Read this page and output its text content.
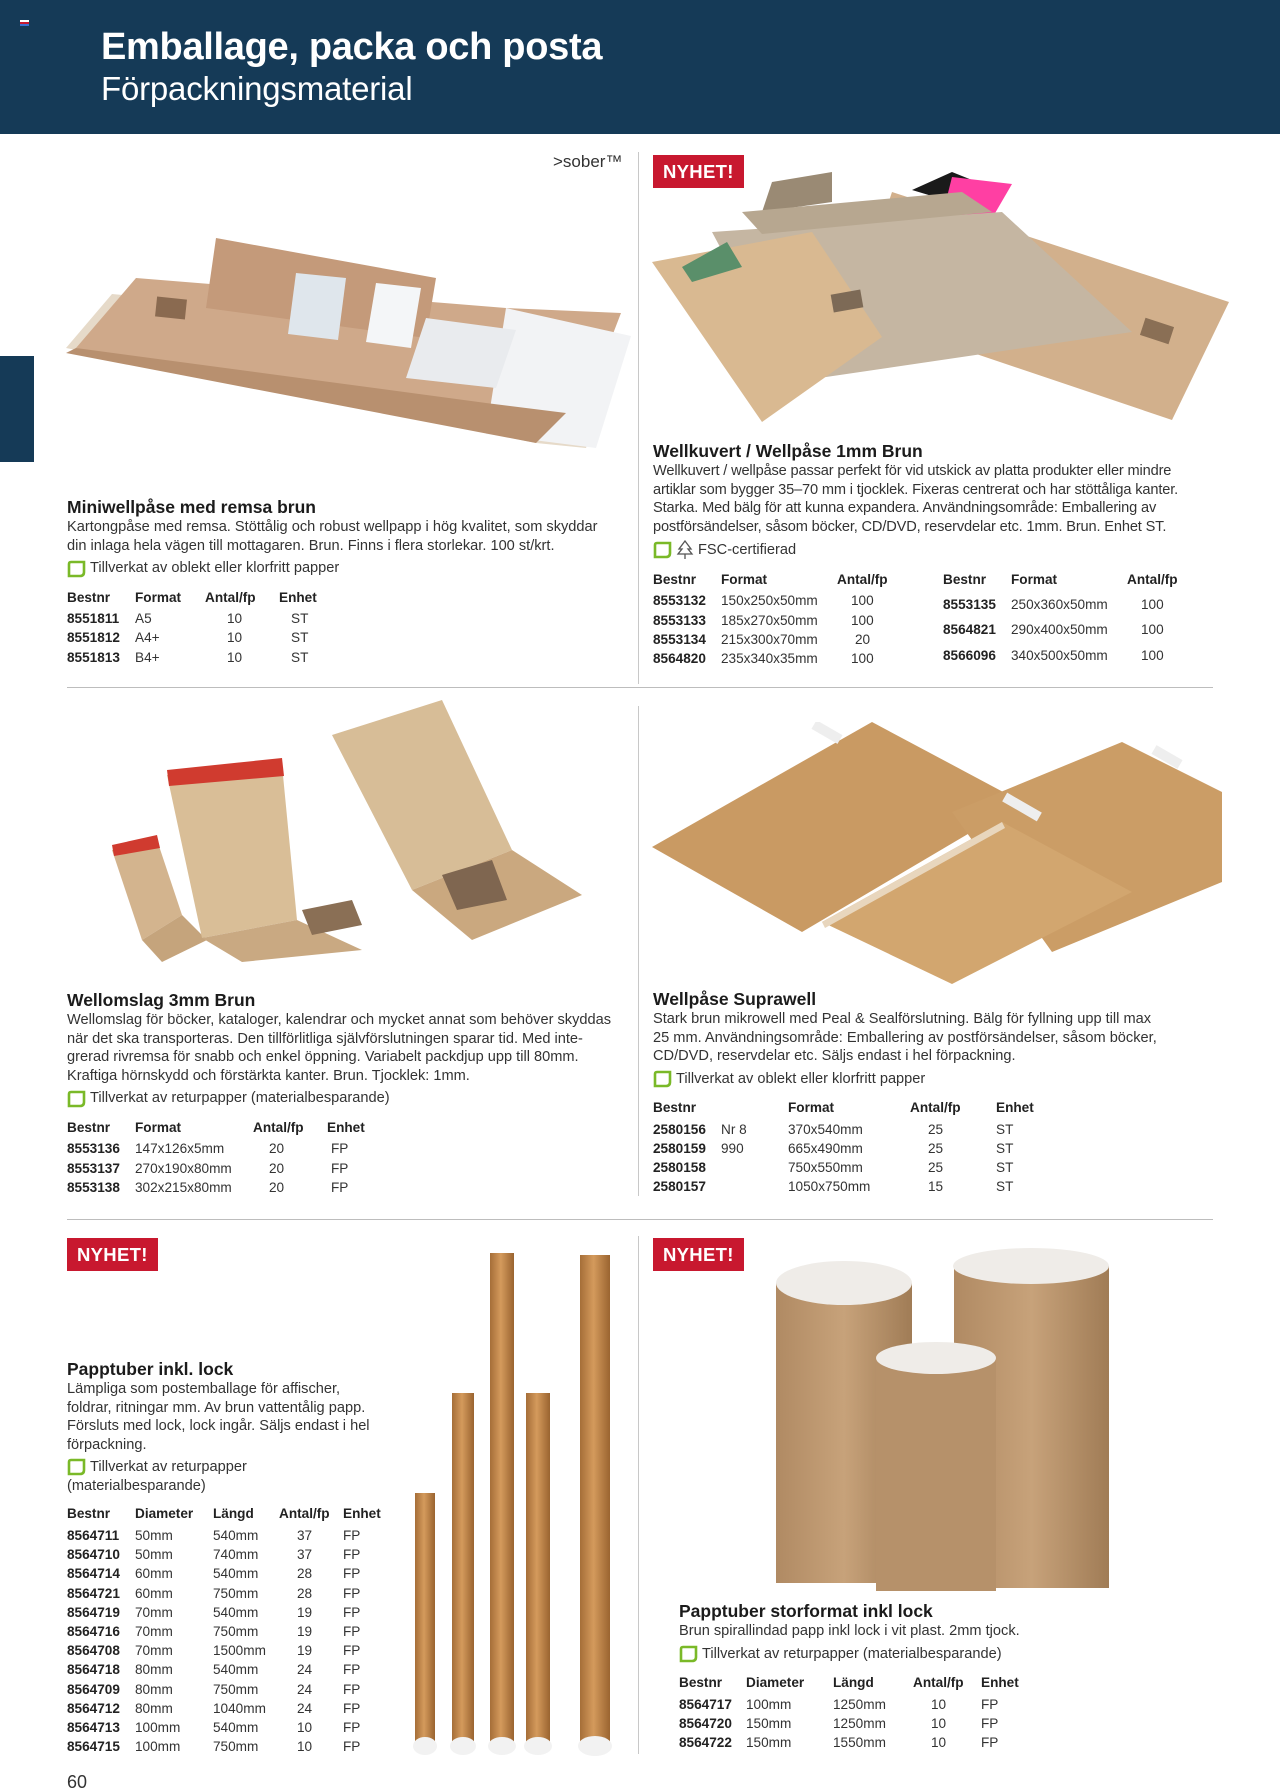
Emballage, packa och posta
Förpackningsmaterial
>sober™	NYHET!
NYHET!	NYHET!
Miniwellpåse med remsa brun
Kartongpåse med remsa. Stöttålig och robust wellpapp i hög kvalitet, som skyddar
din inlaga hela vägen till mottagaren. Brun. Finns i flera storlekar. 100 st/krt.
Tillverkat av oblekt eller klorfritt papper
Bestnr	Format	Antal/fp	Enhet
8551811	A5	10	ST
8551812	A4+	10	ST
8551813	B4+	10	ST
Wellkuvert / Wellpåse 1mm Brun
Wellkuvert / wellpåse passar perfekt för vid utskick av platta produkter eller mindre
artiklar som bygger 35–70 mm i tjocklek. Fixeras centrerat och har stöttåliga kanter.
Starka. Med bälg för att kunna expandera. Användningsområde: Emballering av
postförsändelser, såsom böcker, CD/DVD, reservdelar etc. 1mm. Brun. Enhet ST.
FSC-certifierad
Bestnr	Format	Antal/fp
8553132	150x250x50mm	100
8553133	185x270x50mm	100
8553134	215x300x70mm	20
8564820	235x340x35mm	100
Bestnr	Format	Antal/fp
8553135	250x360x50mm	100
8564821	290x400x50mm	100
8566096	340x500x50mm	100
Wellomslag 3mm Brun
Wellomslag för böcker, kataloger, kalendrar och mycket annat som behöver skyddas
när det ska transporteras. Den tillförlitliga självförslutningen sparar tid. Med inte-
grerad rivremsa för snabb och enkel öppning. Variabelt packdjup upp till 80mm.
Kraftiga hörnskydd och förstärkta kanter. Brun. Tjocklek: 1mm.
Tillverkat av returpapper (materialbesparande)
Bestnr	Format	Antal/fp	Enhet
8553136	147x126x5mm	20	FP
8553137	270x190x80mm	20	FP
8553138	302x215x80mm	20	FP
Wellpåse Suprawell
Stark brun mikrowell med Peal & Sealförslutning. Bälg för fyllning upp till max
25 mm. Användningsområde: Emballering av postförsändelser, såsom böcker,
CD/DVD, reservdelar etc. Säljs endast i hel förpackning.
Tillverkat av oblekt eller klorfritt papper
Bestnr		Format	Antal/fp	Enhet
2580156	Nr 8	370x540mm	25	ST
2580159	990	665x490mm	25	ST
2580158		750x550mm	25	ST
2580157		1050x750mm	15	ST
Papptuber inkl. lock
Lämpliga som postemballage för affischer,
foldrar, ritningar mm. Av brun vattentålig papp.
Försluts med lock, lock ingår. Säljs endast i hel
förpackning.
Tillverkat av returpapper
(materialbesparande)
Bestnr	Diameter	Längd	Antal/fp	Enhet
8564711	50mm	540mm	37	FP
8564710	50mm	740mm	37	FP
8564714	60mm	540mm	28	FP
8564721	60mm	750mm	28	FP
8564719	70mm	540mm	19	FP
8564716	70mm	750mm	19	FP
8564708	70mm	1500mm	19	FP
8564718	80mm	540mm	24	FP
8564709	80mm	750mm	24	FP
8564712	80mm	1040mm	24	FP
8564713	100mm	540mm	10	FP
8564715	100mm	750mm	10	FP
Papptuber storformat inkl lock
Brun spirallindad papp inkl lock i vit plast. 2mm tjock.
Tillverkat av returpapper (materialbesparande)
Bestnr	Diameter	Längd	Antal/fp	Enhet
8564717	100mm	1250mm	10	FP
8564720	150mm	1250mm	10	FP
8564722	150mm	1550mm	10	FP
60
